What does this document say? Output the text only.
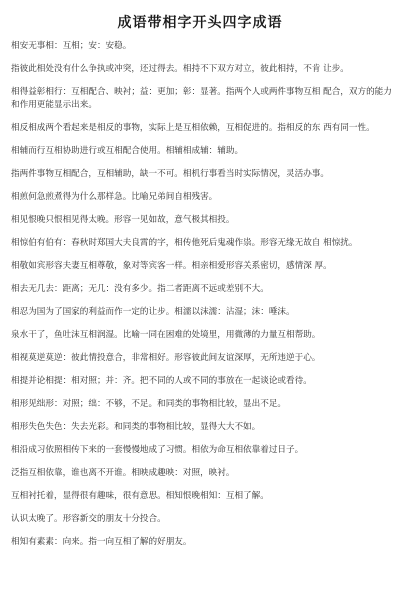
成语带相字开头四字成语
相安无事相：互相；安：安稳。
指彼此相处没有什么争执或冲突，还过得去。相持不下双方对立，彼此相持，不肯 让步。
相得益彰相行：互相配合、映衬；益：更加；彰：显著。指两个人或两件事物互相 配合，双方的能力和作用更能显示出来。
相反相成两个看起来是相反的事物，实际上是互相依赖，互相促进的。指相反的东 西有同一性。
相辅而行互相协助进行或互相配合使用。相辅相成辅：辅助。
指两件事物互相配合，互相辅助，缺一不可。相机行事看当时实际情况，灵活办事。
相煎何急煎煮得为什么那样急。比喻兄弟间自相残害。
相见恨晚只恨相见得太晚。形容一见如故，意气极其相投。
相惊伯有伯有：春秋时郑国大夫良霄的字，相传他死后鬼魂作祟。形容无缘无故自 相惊扰。
相敬如宾形容夫妻互相尊敬，象对等宾客一样。相亲相爱形容关系密切，感情深 厚。
相去无几去：距离；无几：没有多少。指二者距离不远或差别不大。
相忍为国为了国家的利益而作一定的让步。相濡以沫濡：沾湿；沫：唾沫。
泉水干了，鱼吐沫互相润湿。比喻一同在困难的处境里，用微薄的力量互相帮助。
相视莫逆莫逆：彼此情投意合，非常相好。形容彼此间友谊深厚，无所违逆于心。
相提并论相提：相对照；并：齐。把不同的人或不同的事放在一起谈论或看待。
相形见绌形：对照；绌：不够，不足。和同类的事物相比较，显出不足。
相形失色失色：失去光彩。和同类的事物相比较，显得大大不如。
相沿成习依照相传下来的一套慢慢地成了习惯。相依为命互相依靠着过日子。
泛指互相依靠，谁也离不开谁。相映成趣映：对照，映衬。
互相衬托着，显得很有趣味，很有意思。相知恨晚相知：互相了解。
认识太晚了。形容新交的朋友十分投合。
相知有素素：向来。指一向互相了解的好朋友。
